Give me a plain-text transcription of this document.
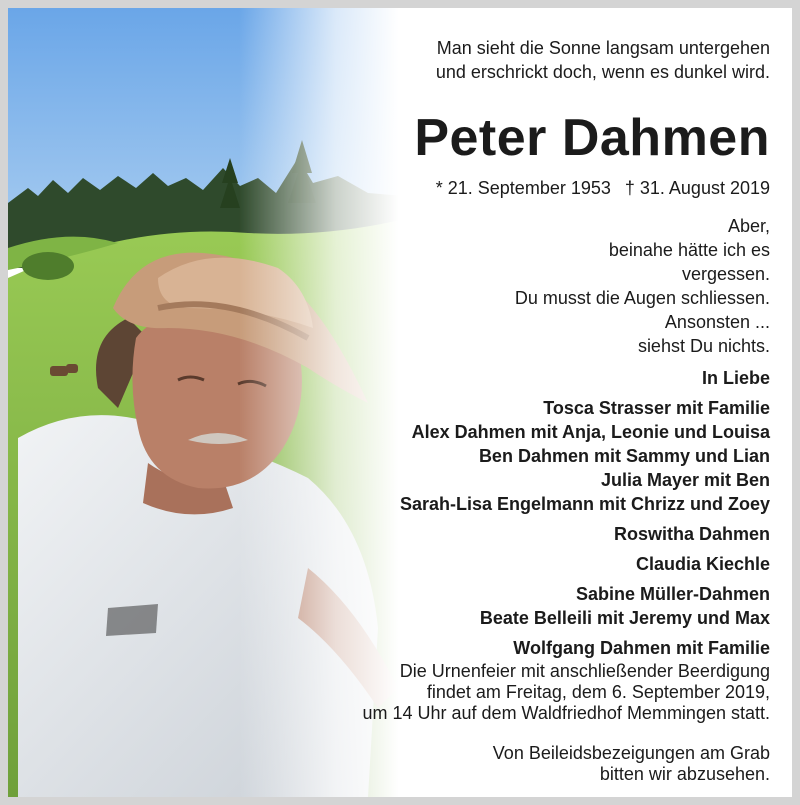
Man sieht die Sonne langsam untergehen
und erschrickt doch, wenn es dunkel wird.
Peter Dahmen
* 21. September 1953 † 31. August 2019
Aber,
beinahe hätte ich es
vergessen.
Du musst die Augen schliessen.
Ansonsten ...
siehst Du nichts.
In Liebe
Tosca Strasser mit Familie
Alex Dahmen mit Anja, Leonie und Louisa
Ben Dahmen mit Sammy und Lian
Julia Mayer mit Ben
Sarah-Lisa Engelmann mit Chrizz und Zoey
Roswitha Dahmen
Claudia Kiechle
Sabine Müller-Dahmen
Beate Belleili mit Jeremy und Max
Wolfgang Dahmen mit Familie
Die Urnenfeier mit anschließender Beerdigung
findet am Freitag, dem 6. September 2019,
um 14 Uhr auf dem Waldfriedhof Memmingen statt.
Von Beileidsbezeigungen am Grab
bitten wir abzusehen.
